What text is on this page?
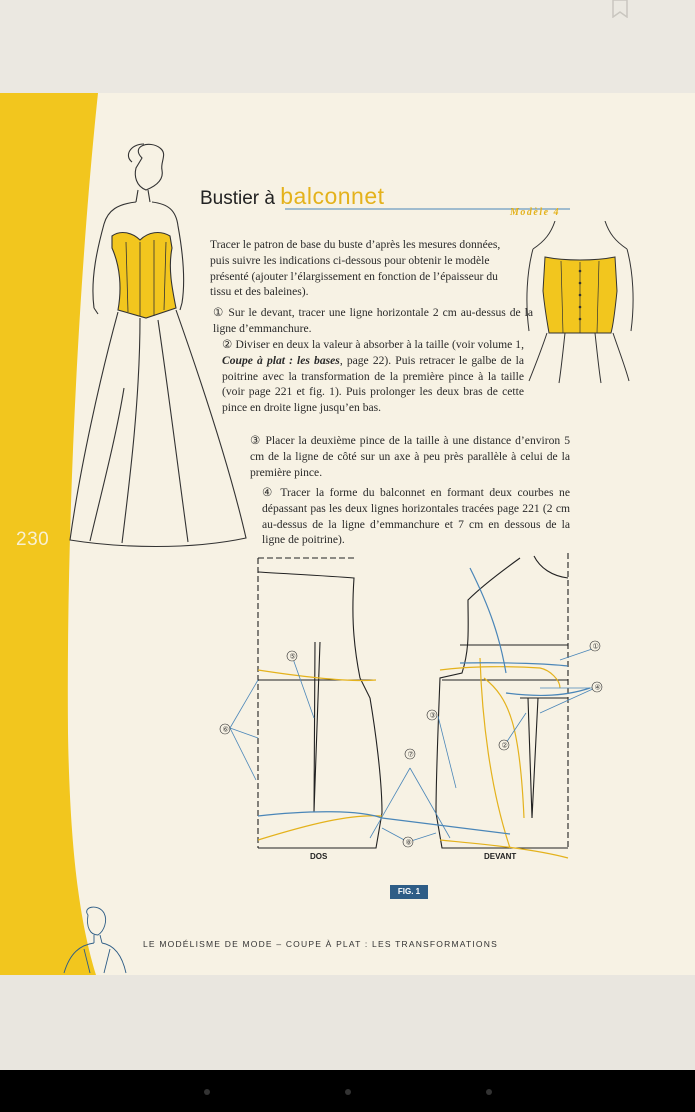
230
Bustier à balconnet
Modèle 4

Tracer le patron de base du buste d’après les mesures données, puis suivre les indications ci-dessous pour obtenir le modèle présenté (ajouter l’élargissement en fonction de l’épaisseur du tissu et des baleines).

① Sur le devant, tracer une ligne horizontale 2 cm au-dessus de la ligne d’emmanchure.

② Diviser en deux la valeur à absorber à la taille (voir volume 1, Coupe à plat : les bases, page 22). Puis retracer le galbe de la poitrine avec la transformation de la première pince à la taille (voir page 221 et fig. 1). Puis prolonger les deux bras de cette pince en droite ligne jusqu’en bas.

③ Placer la deuxième pince de la taille à une distance d’environ 5 cm de la ligne de côté sur un axe à peu près parallèle à celui de la première pince.

④ Tracer la forme du balconnet en formant deux courbes ne dépassant pas les deux lignes horizontales tracées page 221 (2 cm au-dessus de la ligne d’emmanchure et 7 cm en dessous de la ligne de poitrine).

①
②
③
④
⑤
⑥
⑦
⑧
DOS	DEVANT
FIG. 1
LE MODÉLISME DE MODE – COUPE À PLAT : LES TRANSFORMATIONS
